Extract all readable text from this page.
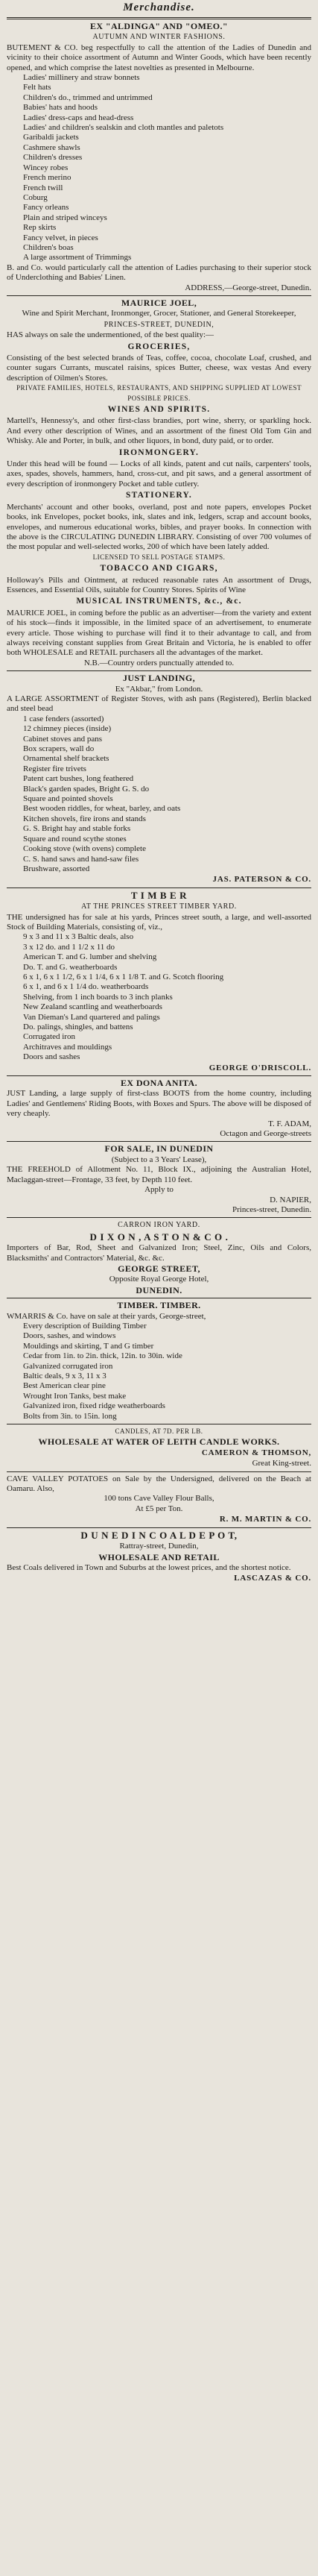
Merchandise.

EX "ALDINGA" AND "OMEO."

AUTUMN AND WINTER FASHIONS.

BUTEMENT & CO. beg respectfully to call the attention of the Ladies of Dunedin and vicinity to their choice assortment of Autumn and Winter Goods, which have been recently opened, and which comprise the latest novelties as presented in Melbourne.

Ladies' millinery and straw bonnets

Felt hats

Children's do., trimmed and untrimmed

Babies' hats and hoods

Ladies' dress-caps and head-dress

Ladies' and children's sealskin and cloth mantles and paletots

Garibaldi jackets

Cashmere shawls

Children's dresses

Wincey robes

French merino

French twill

Coburg

Fancy orleans

Plain and striped winceys

Rep skirts

Fancy velvet, in pieces

Children's boas

A large assortment of Trimmings

B. and Co. would particularly call the attention of Ladies purchasing to their superior stock of Underclothing and Babies' Linen.

ADDRESS,—George-street, Dunedin.

MAURICE JOEL,

Wine and Spirit Merchant, Ironmonger, Grocer, Stationer, and General Storekeeper,

PRINCES-STREET, DUNEDIN,

HAS always on sale the undermentioned, of the best quality:—

GROCERIES,

Consisting of the best selected brands of Teas, coffee, cocoa, chocolate Loaf, crushed, and counter sugars Currants, muscatel raisins, spices Butter, cheese, wax vestas And every description of Oilmen's Stores.

PRIVATE FAMILIES, HOTELS, RESTAURANTS, AND SHIPPING SUPPLIED AT LOWEST POSSIBLE PRICES.

WINES AND SPIRITS.

Martell's, Hennessy's, and other first-class brandies, port wine, sherry, or sparkling hock. And every other description of Wines, and an assortment of the finest Old Tom Gin and Whisky. Ale and Porter, in bulk, and other liquors, in bond, duty paid, or to order.

IRONMONGERY.

Under this head will be found — Locks of all kinds, patent and cut nails, carpenters' tools, axes, spades, shovels, hammers, hand, cross-cut, and pit saws, and a general assortment of every description of ironmongery Pocket and table cutlery.

STATIONERY.

Merchants' account and other books, overland, post and note papers, envelopes Pocket books, ink Envelopes, pocket books, ink, slates and ink, ledgers, scrap and account books, envelopes, and numerous educational works, bibles, and prayer books. In connection with the above is the CIRCULATING DUNEDIN LIBRARY. Consisting of over 700 volumes of the most popular and well-selected works, 200 of which have been lately added.

LICENSED TO SELL POSTAGE STAMPS.

TOBACCO AND CIGARS,

Holloway's Pills and Ointment, at reduced reasonable rates An assortment of Drugs, Essences, and Essential Oils, suitable for Country Stores. Spirits of Wine

MUSICAL INSTRUMENTS, &c., &c.

MAURICE JOEL, in coming before the public as an advertiser—from the variety and extent of his stock—finds it impossible, in the limited space of an advertisement, to enumerate every article. Those wishing to purchase will find it to their advantage to call, and from always receiving constant supplies from Great Britain and Victoria, he is enabled to offer both WHOLESALE and RETAIL purchasers all the advantages of the market.

N.B.—Country orders punctually attended to.

JUST LANDING,

Ex "Akbar," from London.

A LARGE ASSORTMENT of Register Stoves, with ash pans (Registered), Berlin blacked and steel bead

1 case fenders (assorted)

12 chimney pieces (inside)

Cabinet stoves and pans

Box scrapers, wall do

Ornamental shelf brackets

Register fire trivets

Patent cart bushes, long feathered

Black's garden spades, Bright G. S. do

Square and pointed shovels

Best wooden riddles, for wheat, barley, and oats

Kitchen shovels, fire irons and stands

G. S. Bright hay and stable forks

Square and round scythe stones

Cooking stove (with ovens) complete

C. S. hand saws and hand-saw files

Brushware, assorted

JAS. PATERSON & CO.

T I M B E R

AT THE PRINCES STREET TIMBER YARD.

THE undersigned has for sale at his yards, Princes street south, a large, and well-assorted Stock of Building Materials, consisting of, viz.,

9 x 3 and 11 x 3 Baltic deals, also

3 x 12 do. and 1 1/2 x 11 do

American T. and G. lumber and shelving

Do. T. and G. weatherboards

6 x 1, 6 x 1 1/2, 6 x 1 1/4, 6 x 1 1/8 T. and G. Scotch flooring

6 x 1, and 6 x 1 1/4 do. weatherboards

Shelving, from 1 inch boards to 3 inch planks

New Zealand scantling and weatherboards

Van Dieman's Land quartered and palings

Do. palings, shingles, and battens

Corrugated iron

Architraves and mouldings

Doors and sashes

GEORGE O'DRISCOLL.

EX DONA ANITA.

JUST Landing, a large supply of first-class BOOTS from the home country, including Ladies' and Gentlemens' Riding Boots, with Boxes and Spurs. The above will be disposed of very cheaply.

T. F. ADAM,

Octagon and George-streets

FOR SALE, IN DUNEDIN

(Subject to a 3 Years' Lease),

THE FREEHOLD of Allotment No. 11, Block IX., adjoining the Australian Hotel, Maclaggan-street—Frontage, 33 feet, by Depth 110 feet.

Apply to

D. NAPIER,

Princes-street, Dunedin.

CARRON IRON YARD.

D I X O N , A S T O N & C O .

Importers of Bar, Rod, Sheet and Galvanized Iron; Steel, Zinc, Oils and Colors, Blacksmiths' and Contractors' Material, &c. &c.

GEORGE STREET,

Opposite Royal George Hotel,

DUNEDIN.

TIMBER. TIMBER.

WMARRIS & Co. have on sale at their yards, George-street,

Every description of Building Timber

Doors, sashes, and windows

Mouldings and skirting, T and G timber

Cedar from 1in. to 2in. thick, 12in. to 30in. wide

Galvanized corrugated iron

Baltic deals, 9 x 3, 11 x 3

Best American clear pine

Wrought Iron Tanks, best make

Galvanized iron, fixed ridge weatherboards

Bolts from 3in. to 15in. long

CANDLES, AT 7D. PER LB.

WHOLESALE AT WATER OF LEITH CANDLE WORKS.

CAMERON & THOMSON,

Great King-street.

CAVE VALLEY POTATOES on Sale by the Undersigned, delivered on the Beach at Oamaru. Also,

100 tons Cave Valley Flour Balls,

At £5 per Ton.

R. M. MARTIN & CO.

D U N E D I N C O A L D E P O T,

Rattray-street, Dunedin,

WHOLESALE AND RETAIL

Best Coals delivered in Town and Suburbs at the lowest prices, and the shortest notice.

LASCAZAS & CO.
